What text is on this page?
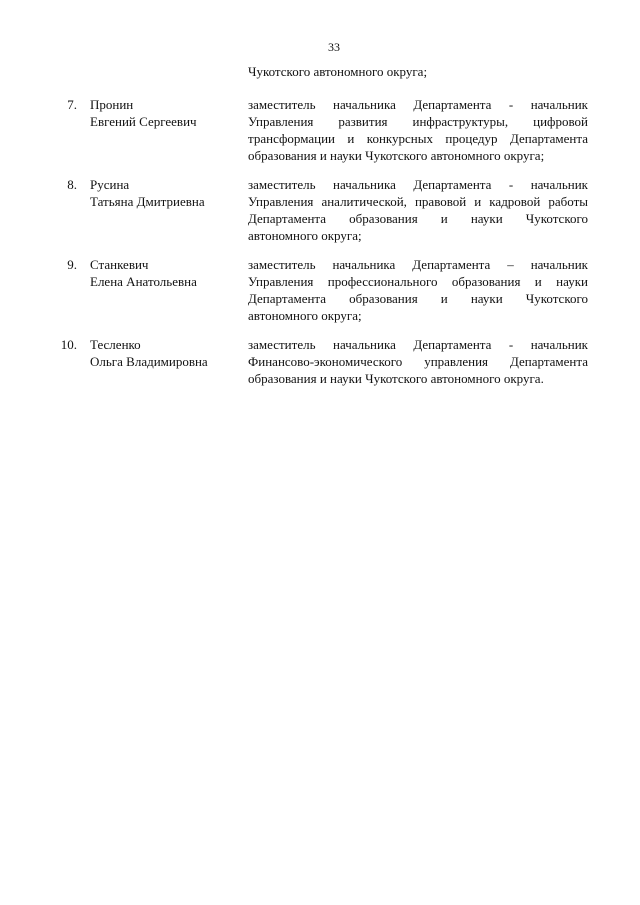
33
Чукотского автономного округа;
7. Пронин
Евгений Сергеевич
заместитель начальника Департамента - начальник
Управления развития инфраструктуры, цифровой
трансформации и конкурсных процедур Департамента
образования и науки Чукотского автономного округа;
8. Русина
Татьяна Дмитриевна
заместитель начальника Департамента - начальник
Управления аналитической, правовой и кадровой работы
Департамента образования и науки Чукотского
автономного округа;
9. Станкевич
Елена Анатольевна
заместитель начальника Департамента – начальник
Управления профессионального образования и науки
Департамента образования и науки Чукотского
автономного округа;
10. Тесленко
Ольга Владимировна
заместитель начальника Департамента - начальник
Финансово-экономического управления Департамента
образования и науки Чукотского автономного округа.
